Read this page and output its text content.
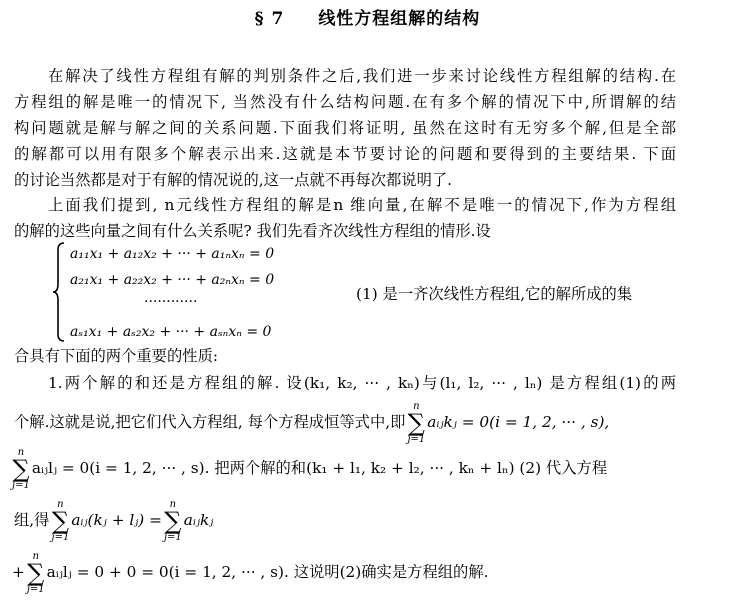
§ 7 线性方程组解的结构
在解决了线性方程组有解的判别条件之后,我们进一步来讨论线性方程组解的结构.在
方程组的解是唯一的情况下, 当然没有什么结构问题.在有多个解的情况下中,所谓解的结
构问题就是解与解之间的关系问题.下面我们将证明, 虽然在这时有无穷多个解,但是全部
的解都可以用有限多个解表示出来.这就是本节要讨论的问题和要得到的主要结果. 下面
的讨论当然都是对于有解的情况说的,这一点就不再每次都说明了.
上面我们提到, n元线性方程组的解是n 维向量,在解不是唯一的情况下,作为方程组
的解的这些向量之间有什么关系呢? 我们先看齐次线性方程组的情形.设
a₁₁x₁ + a₁₂x₂ + ··· + a₁ₙxₙ = 0
a₂₁x₁ + a₂₂x₂ + ··· + a₂ₙxₙ = 0
············
aₛ₁x₁ + aₛ₂x₂ + ··· + aₛₙxₙ = 0
(1) 是一齐次线性方程组,它的解所成的集
合具有下面的两个重要的性质:
1.两个解的和还是方程组的解. 设(k₁, k₂, ··· , kₙ)与(l₁, l₂, ··· , lₙ) 是方程组(1)的两
个解.这就是说,把它们代入方程组, 每个方程成恒等式中,即
n
∑
j=1
aᵢⱼkⱼ = 0(i = 1, 2, ··· , s),
n
∑
j=1
aᵢⱼlⱼ = 0(i = 1, 2, ··· , s). 把两个解的和(k₁ + l₁, k₂ + l₂, ··· , kₙ + lₙ) (2) 代入方程
组,得
n
∑
j=1
aᵢⱼ(kⱼ + lⱼ) =
n
∑
j=1
aᵢⱼkⱼ
+
n
∑
j=1
aᵢⱼlⱼ = 0 + 0 = 0(i = 1, 2, ··· , s). 这说明(2)确实是方程组的解.
